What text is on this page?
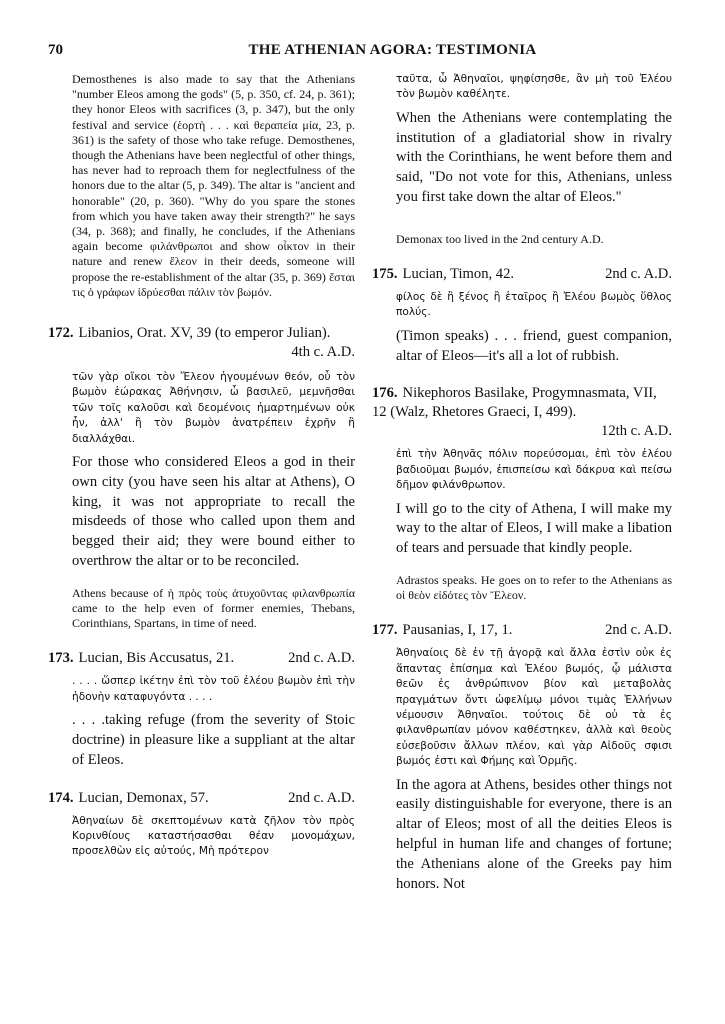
70	THE ATHENIAN AGORA: TESTIMONIA

Demosthenes is also made to say that the Athenians "number Eleos among the gods" (5, p. 350, cf. 24, p. 361); they honor Eleos with sacrifices (3, p. 347), but the only festival and service (ἑορτὴ . . . καὶ θεραπεία μία, 23, p. 361) is the safety of those who take refuge. Demosthenes, though the Athenians have been neglectful of other things, has never had to reproach them for neglectfulness of the honors due to the altar (5, p. 349). The altar is "ancient and honorable" (20, p. 360). "Why do you spare the stones from which you have taken away their strength?" he says (34, p. 368); and finally, he concludes, if the Athenians again become φιλάνθρωποι and show οἶκτον in their nature and renew ἔλεον in their deeds, someone will propose the re-establishment of the altar (35, p. 369) ἔσται τις ὁ γράφων ἱδρύεσθαι πάλιν τὸν βωμόν.

172. Libanios, Orat. XV, 39 (to emperor Julian).
4th c. A.D.

τῶν γὰρ οἴκοι τὸν Ἔλεον ἡγουμένων θεόν, οὗ τὸν βωμὸν ἑώρακας Ἀθήνησιν, ὦ βασιλεῦ, μεμνῆσθαι τῶν τοῖς καλοῦσι καὶ δεομένοις ἡμαρτημένων οὐκ ἦν, ἀλλ' ἢ τὸν βωμὸν ἀνατρέπειν ἐχρῆν ἢ διαλλάχθαι.

For those who considered Eleos a god in their own city (you have seen his altar at Athens), O king, it was not appropriate to recall the misdeeds of those who called upon them and begged their aid; they were bound either to overthrow the altar or to be reconciled.

Athens because of ἡ πρὸς τοὺς ἀτυχοῦντας φιλανθρωπία came to the help even of former enemies, Thebans, Corinthians, Spartans, in time of need.

173. Lucian, Bis Accusatus, 21.	2nd c. A.D.

. . . . ὥσπερ ἱκέτην ἐπὶ τὸν τοῦ ἐλέου βωμὸν ἐπὶ τὴν ἡδονὴν καταφυγόντα . . . .

. . . .taking refuge (from the severity of Stoic doctrine) in pleasure like a suppliant at the altar of Eleos.

174. Lucian, Demonax, 57.	2nd c. A.D.

Ἀθηναίων δὲ σκεπτομένων κατὰ ζῆλον τὸν πρὸς Κορινθίους καταστήσασθαι θέαν μονομάχων, προσελθὼν εἰς αὐτούς, Μὴ πρότερον

ταῦτα, ὦ Ἀθηναῖοι, ψηφίσησθε, ἂν μὴ τοῦ Ἐλέου τὸν βωμὸν καθέλητε.

When the Athenians were contemplating the institution of a gladiatorial show in rivalry with the Corinthians, he went before them and said, "Do not vote for this, Athenians, unless you first take down the altar of Eleos."

Demonax too lived in the 2nd century A.D.

175. Lucian, Timon, 42.	2nd c. A.D.

φίλος δὲ ἢ ξένος ἢ ἑταῖρος ἢ Ἐλέου βωμὸς ὕθλος πολύς.

(Timon speaks) . . . friend, guest companion, altar of Eleos—it's all a lot of rubbish.

176. Nikephoros Basilake, Progymnasmata, VII, 12 (Walz, Rhetores Graeci, I, 499).
12th c. A.D.

ἐπὶ τὴν Ἀθηνᾶς πόλιν πορεύσομαι, ἐπὶ τὸν ἐλέου βαδιοῦμαι βωμόν, ἐπισπείσω καὶ δάκρυα καὶ πείσω δῆμον φιλάνθρωπον.

I will go to the city of Athena, I will make my way to the altar of Eleos, I will make a libation of tears and persuade that kindly people.

Adrastos speaks. He goes on to refer to the Athenians as οἱ θεὸν εἰδότες τὸν Ἔλεον.

177. Pausanias, I, 17, 1.	2nd c. A.D.

Ἀθηναίοις δὲ ἐν τῇ ἀγορᾷ καὶ ἄλλα ἐστὶν οὐκ ἐς ἅπαντας ἐπίσημα καὶ Ἐλέου βωμός, ᾧ μάλιστα θεῶν ἐς ἀνθρώπινον βίον καὶ μεταβολὰς πραγμάτων ὄντι ὠφελίμῳ μόνοι τιμὰς Ἑλλήνων νέμουσιν Ἀθηναῖοι. τούτοις δὲ οὐ τὰ ἐς φιλανθρωπίαν μόνον καθέστηκεν, ἀλλὰ καὶ θεοὺς εὐσεβοῦσιν ἄλλων πλέον, καὶ γὰρ Αἰδοῦς σφισι βωμός ἐστι καὶ Φήμης καὶ Ὁρμῆς.

In the agora at Athens, besides other things not easily distinguishable for everyone, there is an altar of Eleos; most of all the deities Eleos is helpful in human life and changes of fortune; the Athenians alone of the Greeks pay him honors. Not
